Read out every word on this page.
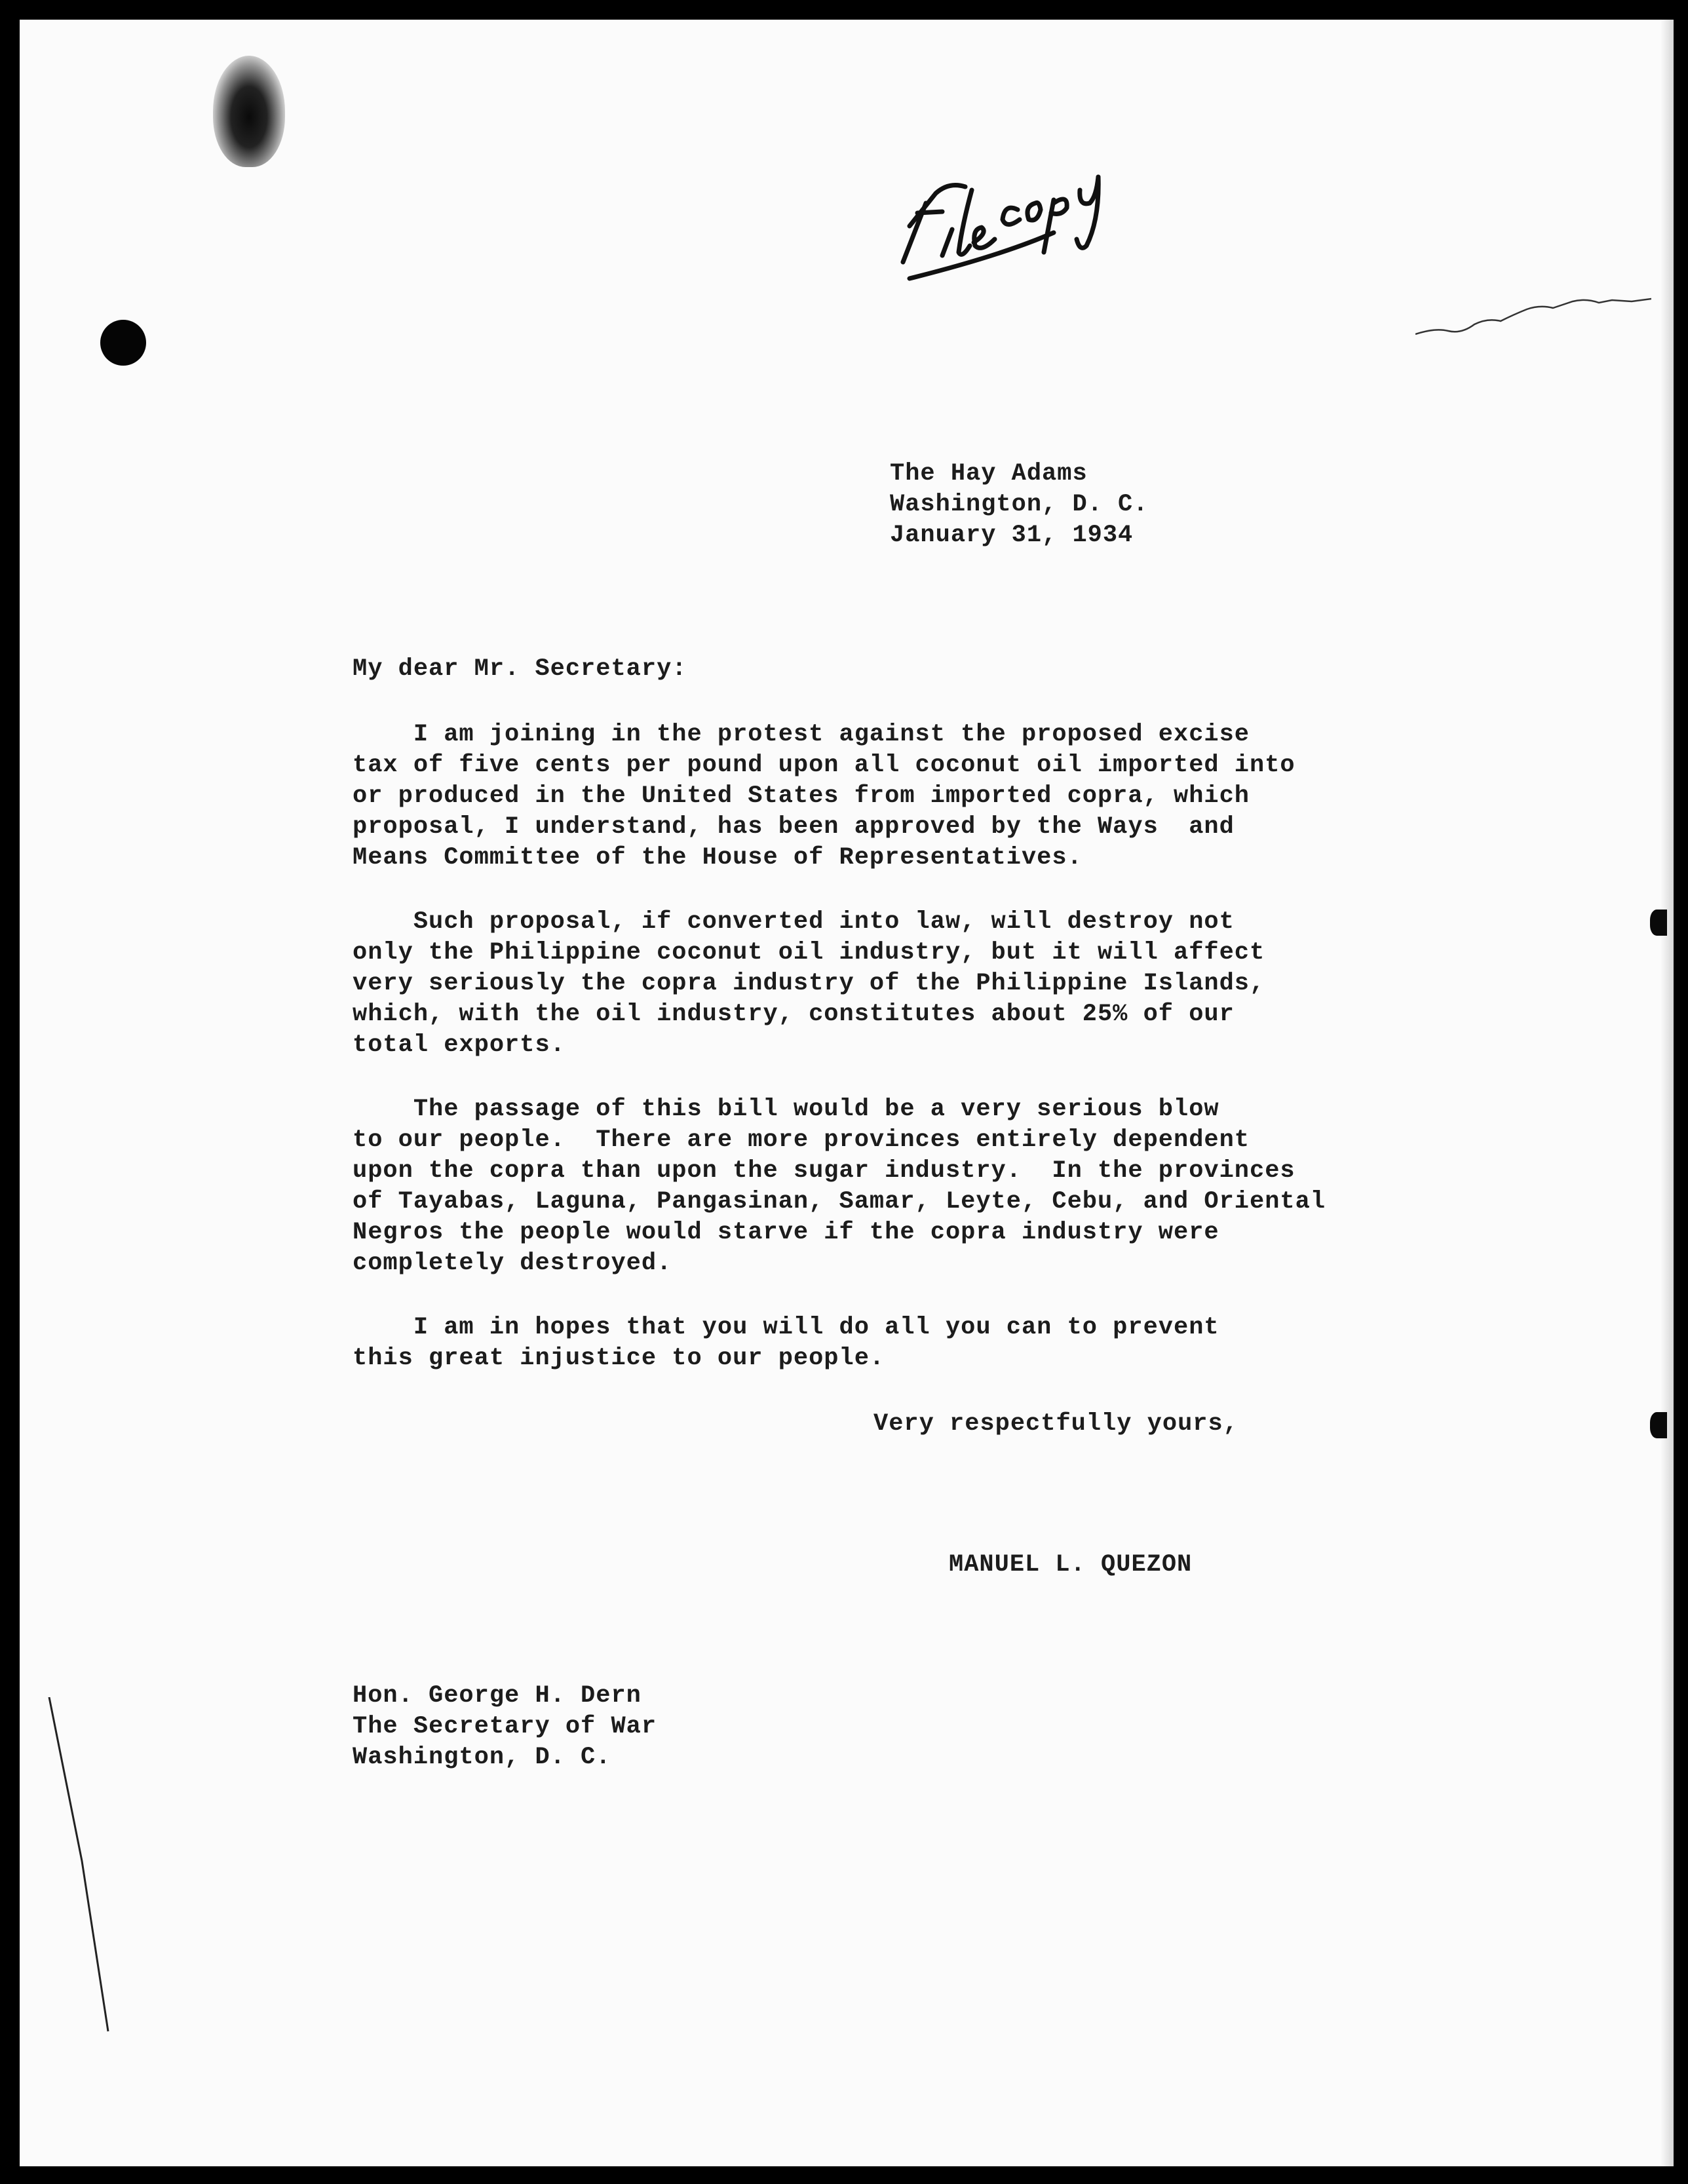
File copy

The Hay Adams

Washington, D. C.

January 31, 1934

My dear Mr. Secretary:

I am joining in the protest against the proposed excise

tax of five cents per pound upon all coconut oil imported into

or produced in the United States from imported copra, which

proposal, I understand, has been approved by the Ways  and

Means Committee of the House of Representatives.

Such proposal, if converted into law, will destroy not

only the Philippine coconut oil industry, but it will affect

very seriously the copra industry of the Philippine Islands,

which, with the oil industry, constitutes about 25% of our

total exports.

The passage of this bill would be a very serious blow

to our people.  There are more provinces entirely dependent

upon the copra than upon the sugar industry.  In the provinces

of Tayabas, Laguna, Pangasinan, Samar, Leyte, Cebu, and Oriental

Negros the people would starve if the copra industry were

completely destroyed.

I am in hopes that you will do all you can to prevent

this great injustice to our people.

Very respectfully yours,

MANUEL L. QUEZON

Hon. George H. Dern

The Secretary of War

Washington, D. C.
